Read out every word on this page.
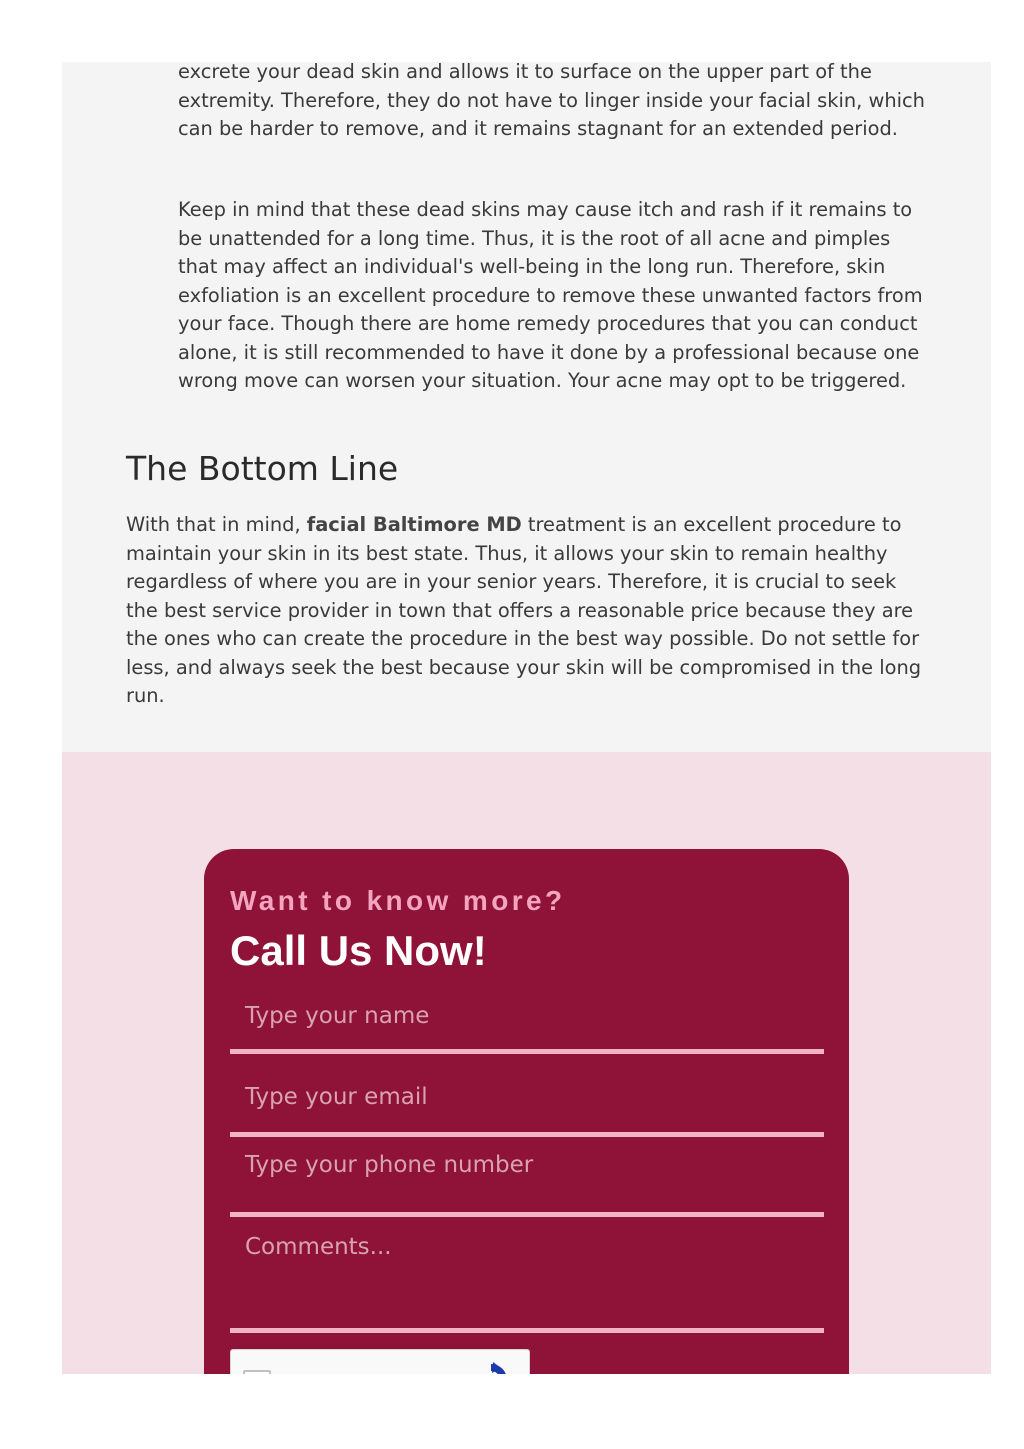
excrete your dead skin and allows it to surface on the upper part of the extremity. Therefore, they do not have to linger inside your facial skin, which can be harder to remove, and it remains stagnant for an extended period.

Keep in mind that these dead skins may cause itch and rash if it remains to be unattended for a long time. Thus, it is the root of all acne and pimples that may affect an individual's well-being in the long run. Therefore, skin exfoliation is an excellent procedure to remove these unwanted factors from your face. Though there are home remedy procedures that you can conduct alone, it is still recommended to have it done by a professional because one wrong move can worsen your situation. Your acne may opt to be triggered.

The Bottom Line

With that in mind, facial Baltimore MD treatment is an excellent procedure to maintain your skin in its best state. Thus, it allows your skin to remain healthy regardless of where you are in your senior years. Therefore, it is crucial to seek the best service provider in town that offers a reasonable price because they are the ones who can create the procedure in the best way possible. Do not settle for less, and always seek the best because your skin will be compromised in the long run.

Want to know more?

Call Us Now!
Type your name
Type your email
Type your phone number
Comments...
